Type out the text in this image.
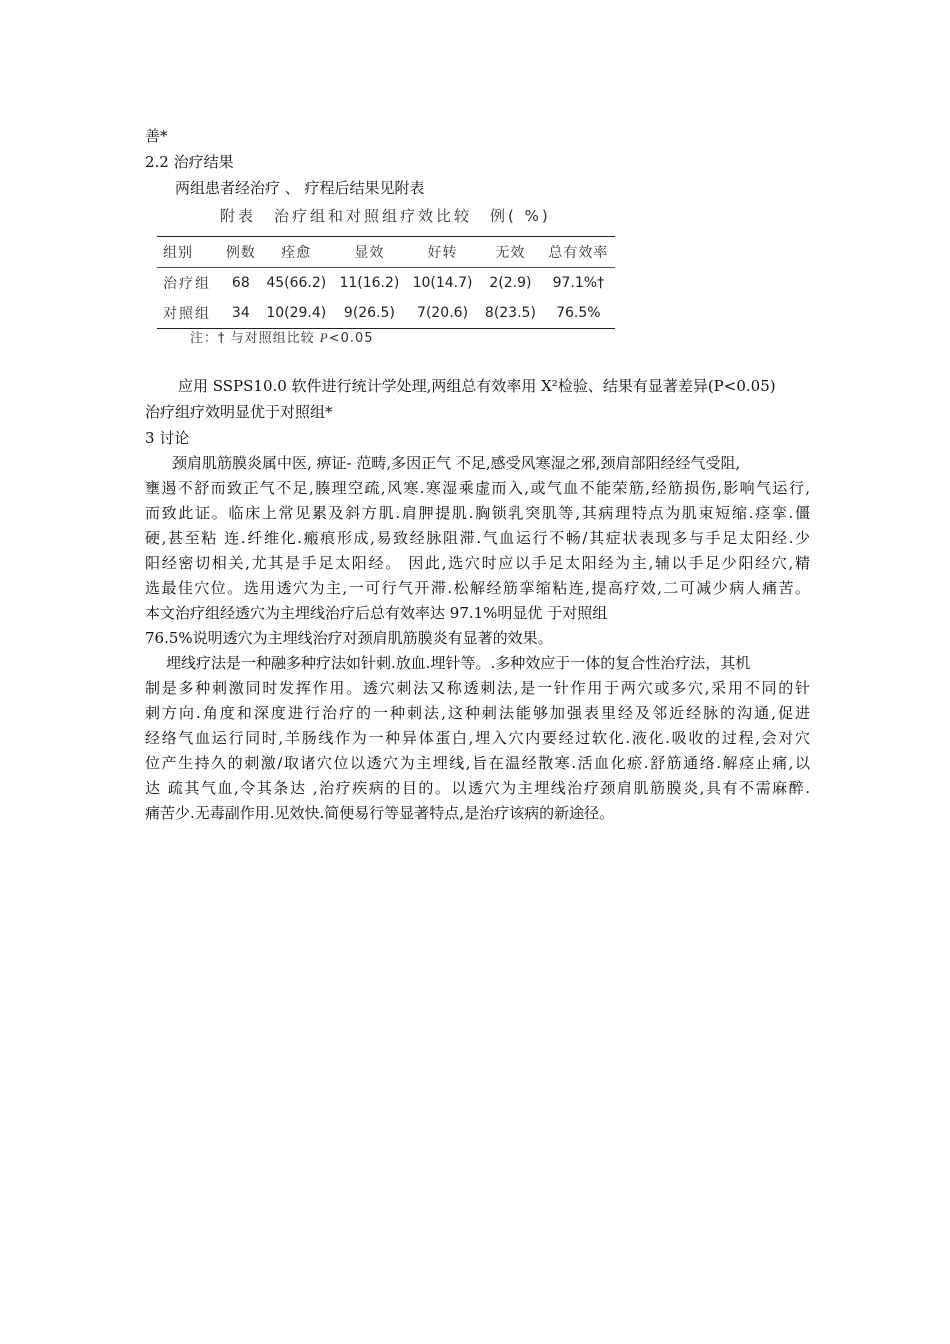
善*
2.2 治疗结果
两组患者经治疗 、 疗程后结果见附表
附表　治疗组和对照组疗效比较　例( %)
组别	例数	痊愈	显效	好转	无效	总有效率
治疗组	68	45(66.2)	11(16.2)	10(14.7)	2(2.9)	97.1%†
对照组	34	10(29.4)	9(26.5)	7(20.6)	8(23.5)	76.5%
注：† 与对照组比较 P<0.05
应用 SSPS10.0 软件进行统计学处理,两组总有效率用 X²检验、结果有显著差异(P<0.05)
治疗组疗效明显优于对照组*
3 讨论
颈肩肌筋膜炎属中医, 痹证- 范畴,多因正气 不足,感受风寒湿之邪,颈肩部阳经经气受阻,
壅遏不舒而致正气不足,腠理空疏,风寒.寒湿乘虚而入,或气血不能荣筋,经筋损伤,影响气运行,
而致此证。临床上常见累及斜方肌.肩胛提肌.胸锁乳突肌等,其病理特点为肌束短缩.痉挛.僵
硬,甚至粘 连.纤维化.瘢痕形成,易致经脉阻滞.气血运行不畅/其症状表现多与手足太阳经.少
阳经密切相关,尤其是手足太阳经。 因此,选穴时应以手足太阳经为主,辅以手足少阳经穴,精
选最佳穴位。选用透穴为主,一可行气开滞.松解经筋挛缩粘连,提高疗效,二可减少病人痛苦。
本文治疗组经透穴为主埋线治疗后总有效率达 97.1%明显优 于对照组
76.5%说明透穴为主埋线治疗对颈肩肌筋膜炎有显著的效果。
埋线疗法是一种融多种疗法如针刺.放血.埋针等。.多种效应于一体的复合性治疗法，其机
制是多种刺激同时发挥作用。透穴刺法又称透刺法,是一针作用于两穴或多穴,采用不同的针
刺方向.角度和深度进行治疗的一种刺法,这种刺法能够加强表里经及邻近经脉的沟通,促进
经络气血运行同时,羊肠线作为一种异体蛋白,埋入穴内要经过软化.液化.吸收的过程,会对穴
位产生持久的刺激/取诸穴位以透穴为主埋线,旨在温经散寒.活血化瘀.舒筋通络.解痉止痛,以
达 疏其气血,令其条达 ,治疗疾病的目的。以透穴为主埋线治疗颈肩肌筋膜炎,具有不需麻醉.
痛苦少.无毒副作用.见效快.简便易行等显著特点,是治疗该病的新途径。
